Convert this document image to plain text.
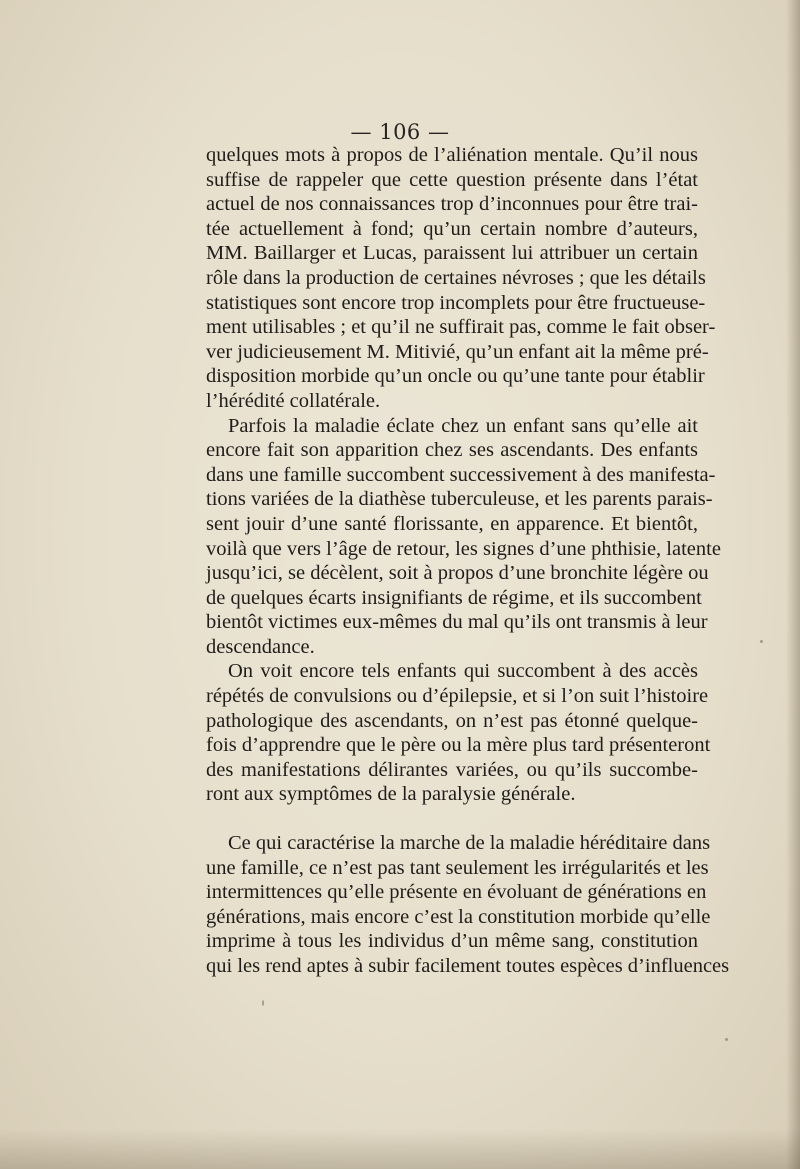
— 106 —
quelques mots à propos de l’aliénation mentale. Qu’il nous
suffise de rappeler que cette question présente dans l’état
actuel de nos connaissances trop d’inconnues pour être trai-
tée actuellement à fond; qu’un certain nombre d’auteurs,
MM. Baillarger et Lucas, paraissent lui attribuer un certain
rôle dans la production de certaines névroses ; que les détails
statistiques sont encore trop incomplets pour être fructueuse-
ment utilisables ; et qu’il ne suffirait pas, comme le fait obser-
ver judicieusement M. Mitivié, qu’un enfant ait la même pré-
disposition morbide qu’un oncle ou qu’une tante pour établir
l’hérédité collatérale.
Parfois la maladie éclate chez un enfant sans qu’elle ait
encore fait son apparition chez ses ascendants. Des enfants
dans une famille succombent successivement à des manifesta-
tions variées de la diathèse tuberculeuse, et les parents parais-
sent jouir d’une santé florissante, en apparence. Et bientôt,
voilà que vers l’âge de retour, les signes d’une phthisie, latente
jusqu’ici, se décèlent, soit à propos d’une bronchite légère ou
de quelques écarts insignifiants de régime, et ils succombent
bientôt victimes eux-mêmes du mal qu’ils ont transmis à leur
descendance.
On voit encore tels enfants qui succombent à des accès
répétés de convulsions ou d’épilepsie, et si l’on suit l’histoire
pathologique des ascendants, on n’est pas étonné quelque-
fois d’apprendre que le père ou la mère plus tard présenteront
des manifestations délirantes variées, ou qu’ils succombe-
ront aux symptômes de la paralysie générale.
Ce qui caractérise la marche de la maladie héréditaire dans
une famille, ce n’est pas tant seulement les irrégularités et les
intermittences qu’elle présente en évoluant de générations en
générations, mais encore c’est la constitution morbide qu’elle
imprime à tous les individus d’un même sang, constitution
qui les rend aptes à subir facilement toutes espèces d’influences
